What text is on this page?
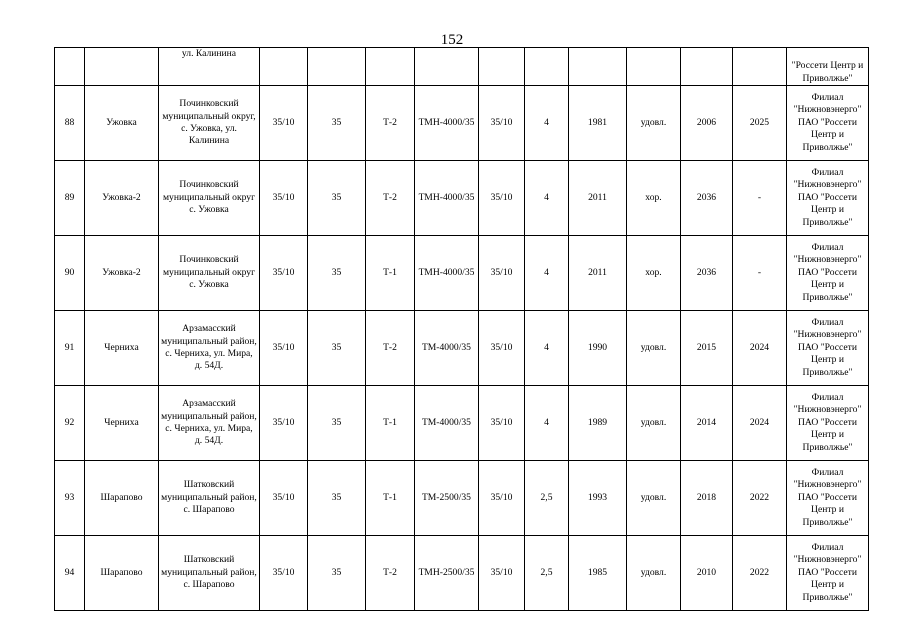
152
		ул. Калинина											"Россети Центр и Приволжье"
88	Ужовка	Починковский муниципальный округ, с. Ужовка, ул. Калинина	35/10	35	Т-2	ТМН-4000/35	35/10	4	1981	удовл.	2006	2025	Филиал "Нижновэнерго" ПАО "Россети Центр и Приволжье"
89	Ужовка-2	Починковский муниципальный округ с. Ужовка	35/10	35	Т-2	ТМН-4000/35	35/10	4	2011	хор.	2036	-	Филиал "Нижновэнерго" ПАО "Россети Центр и Приволжье"
90	Ужовка-2	Починковский муниципальный округ с. Ужовка	35/10	35	Т-1	ТМН-4000/35	35/10	4	2011	хор.	2036	-	Филиал "Нижновэнерго" ПАО "Россети Центр и Приволжье"
91	Черниха	Арзамасский муниципальный район, с. Черниха, ул. Мира, д. 54Д.	35/10	35	Т-2	ТМ-4000/35	35/10	4	1990	удовл.	2015	2024	Филиал "Нижновэнерго" ПАО "Россети Центр и Приволжье"
92	Черниха	Арзамасский муниципальный район, с. Черниха, ул. Мира, д. 54Д.	35/10	35	Т-1	ТМ-4000/35	35/10	4	1989	удовл.	2014	2024	Филиал "Нижновэнерго" ПАО "Россети Центр и Приволжье"
93	Шарапово	Шатковский муниципальный район, с. Шарапово	35/10	35	Т-1	ТМ-2500/35	35/10	2,5	1993	удовл.	2018	2022	Филиал "Нижновэнерго" ПАО "Россети Центр и Приволжье"
94	Шарапово	Шатковский муниципальный район, с. Шарапово	35/10	35	Т-2	ТМН-2500/35	35/10	2,5	1985	удовл.	2010	2022	Филиал "Нижновэнерго" ПАО "Россети Центр и Приволжье"
